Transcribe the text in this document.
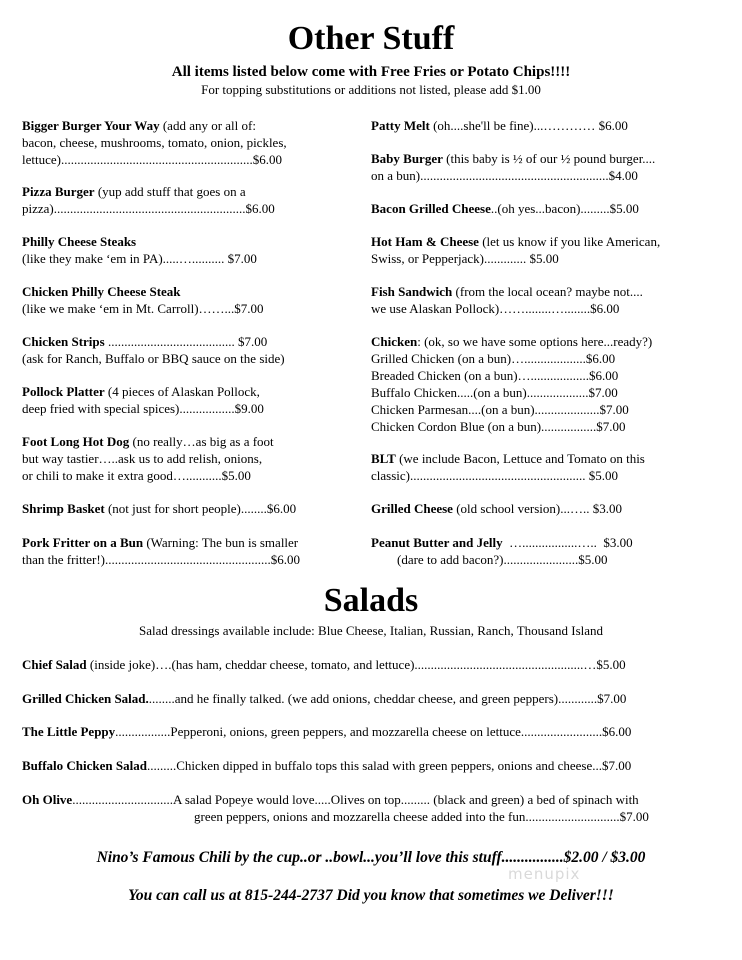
Other Stuff
All items listed below come with Free Fries or Potato Chips!!!!
For topping substitutions or additions not listed, please add $1.00
Bigger Burger Your Way (add any or all of:
bacon, cheese, mushrooms, tomato, onion, pickles,
lettuce)...........................................................$6.00
Pizza Burger (yup add stuff that goes on a
pizza)...........................................................$6.00
Philly Cheese Steaks
(like they make ‘em in PA).....….......... $7.00
Chicken Philly Cheese Steak
(like we make ‘em in Mt. Carroll)……...$7.00
Chicken Strips ....................................... $7.00
(ask for Ranch, Buffalo or BBQ sauce on the side)
Pollock Platter (4 pieces of Alaskan Pollock,
deep fried with special spices).................$9.00
Foot Long Hot Dog (no really…as big as a foot
but way tastier…..ask us to add relish, onions,
or chili to make it extra good…...........$5.00
Shrimp Basket (not just for short people)........$6.00
Pork Fritter on a Bun (Warning: The bun is smaller
than the fritter!)...................................................$6.00
Patty Melt (oh....she'll be fine)...………… $6.00
Baby Burger (this baby is ½ of our ½ pound burger....
on a bun)..........................................................$4.00
Bacon Grilled Cheese..(oh yes...bacon).........$5.00
Hot Ham & Cheese (let us know if you like American,
Swiss, or Pepperjack)............. $5.00
Fish Sandwich (from the local ocean? maybe not....
we use Alaskan Pollock)……........…........$6.00
Chicken: (ok, so we have some options here...ready?)
Grilled Chicken (on a bun)…...................$6.00
Breaded Chicken (on a bun)…..................$6.00
Buffalo Chicken.....(on a bun)...................$7.00
Chicken Parmesan....(on a bun)....................$7.00
Chicken Cordon Blue (on a bun).................$7.00
BLT (we include Bacon, Lettuce and Tomato on this
classic)...................................................... $5.00
Grilled Cheese (old school version)...….. $3.00
Peanut Butter and Jelly  ….................…..  $3.00
(dare to add bacon?).......................$5.00
Salads
Salad dressings available include: Blue Cheese, Italian, Russian, Ranch, Thousand Island
Chief Salad (inside joke)….(has ham, cheddar cheese, tomato, and lettuce)....................................................…$5.00
Grilled Chicken Salad.........and he finally talked. (we add onions, cheddar cheese, and green peppers)............$7.00
The Little Peppy.................Pepperoni, onions, green peppers, and mozzarella cheese on lettuce.........................$6.00
Buffalo Chicken Salad.........Chicken dipped in buffalo tops this salad with green peppers, onions and cheese...$7.00
Oh Olive...............................A salad Popeye would love.....Olives on top......... (black and green) a bed of spinach with
green peppers, onions and mozzarella cheese added into the fun.............................$7.00
Nino’s Famous Chili by the cup..or ..bowl...you’ll love this stuff................$2.00 / $3.00
menupix
You can call us at 815-244-2737 Did you know that sometimes we Deliver!!!
